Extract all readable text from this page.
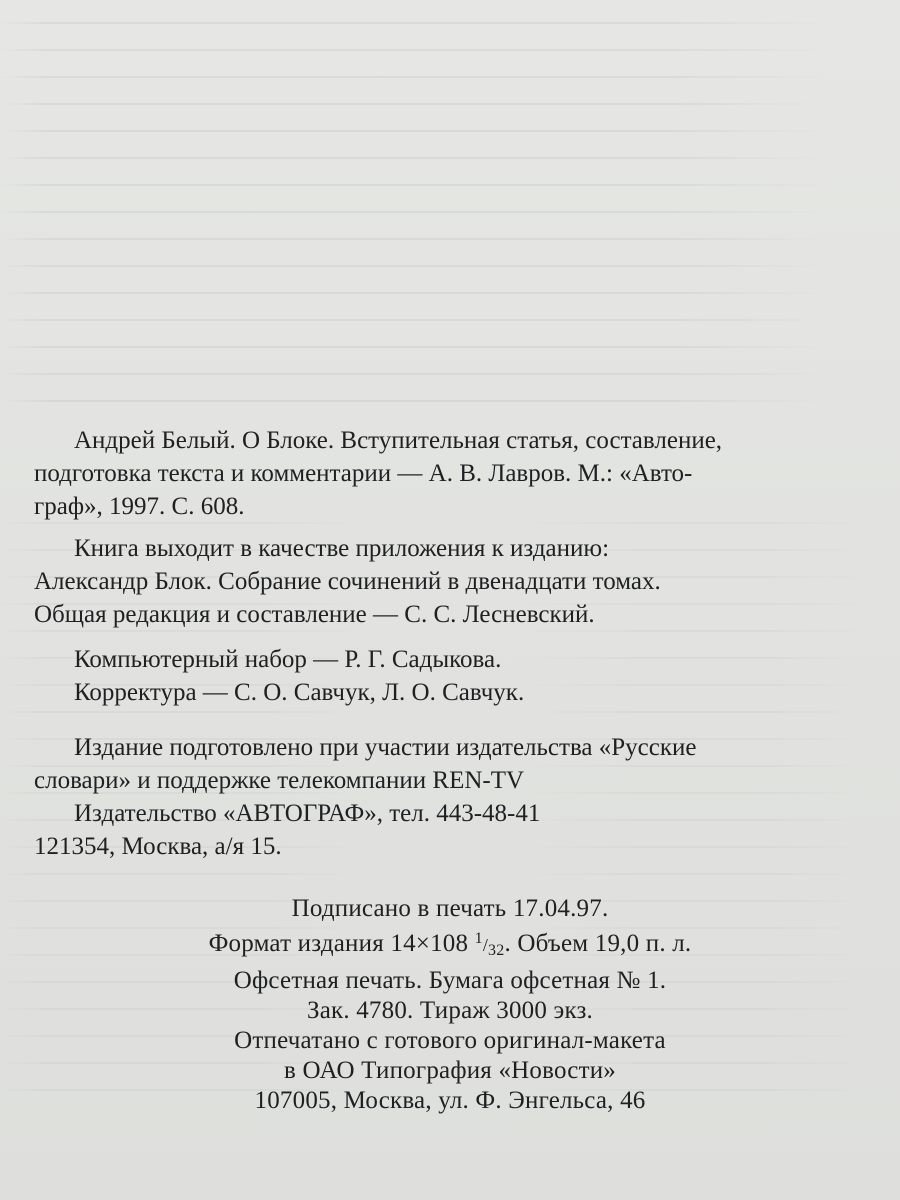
Андрей Белый. О Блоке. Вступительная статья, составление,

подготовка текста и комментарии — А. В. Лавров. М.: «Авто-

граф», 1997. С. 608.

Книга выходит в качестве приложения к изданию:

Александр Блок. Собрание сочинений в двенадцати томах.

Общая редакция и составление — С. С. Лесневский.

Компьютерный набор — Р. Г. Садыкова.

Корректура — С. О. Савчук, Л. О. Савчук.

Издание подготовлено при участии издательства «Русские

словари» и поддержке телекомпании REN-TV

Издательство «АВТОГРАФ», тел. 443-48-41

121354, Москва, а/я 15.

Подписано в печать 17.04.97.

Формат издания 14×108 $^1/_{32}$. Объем 19,0 п. л.

Офсетная печать. Бумага офсетная № 1.

Зак. 4780. Тираж 3000 экз.

Отпечатано с готового оригинал-макета

в ОАО Типография «Новости»

107005, Москва, ул. Ф. Энгельса, 46
